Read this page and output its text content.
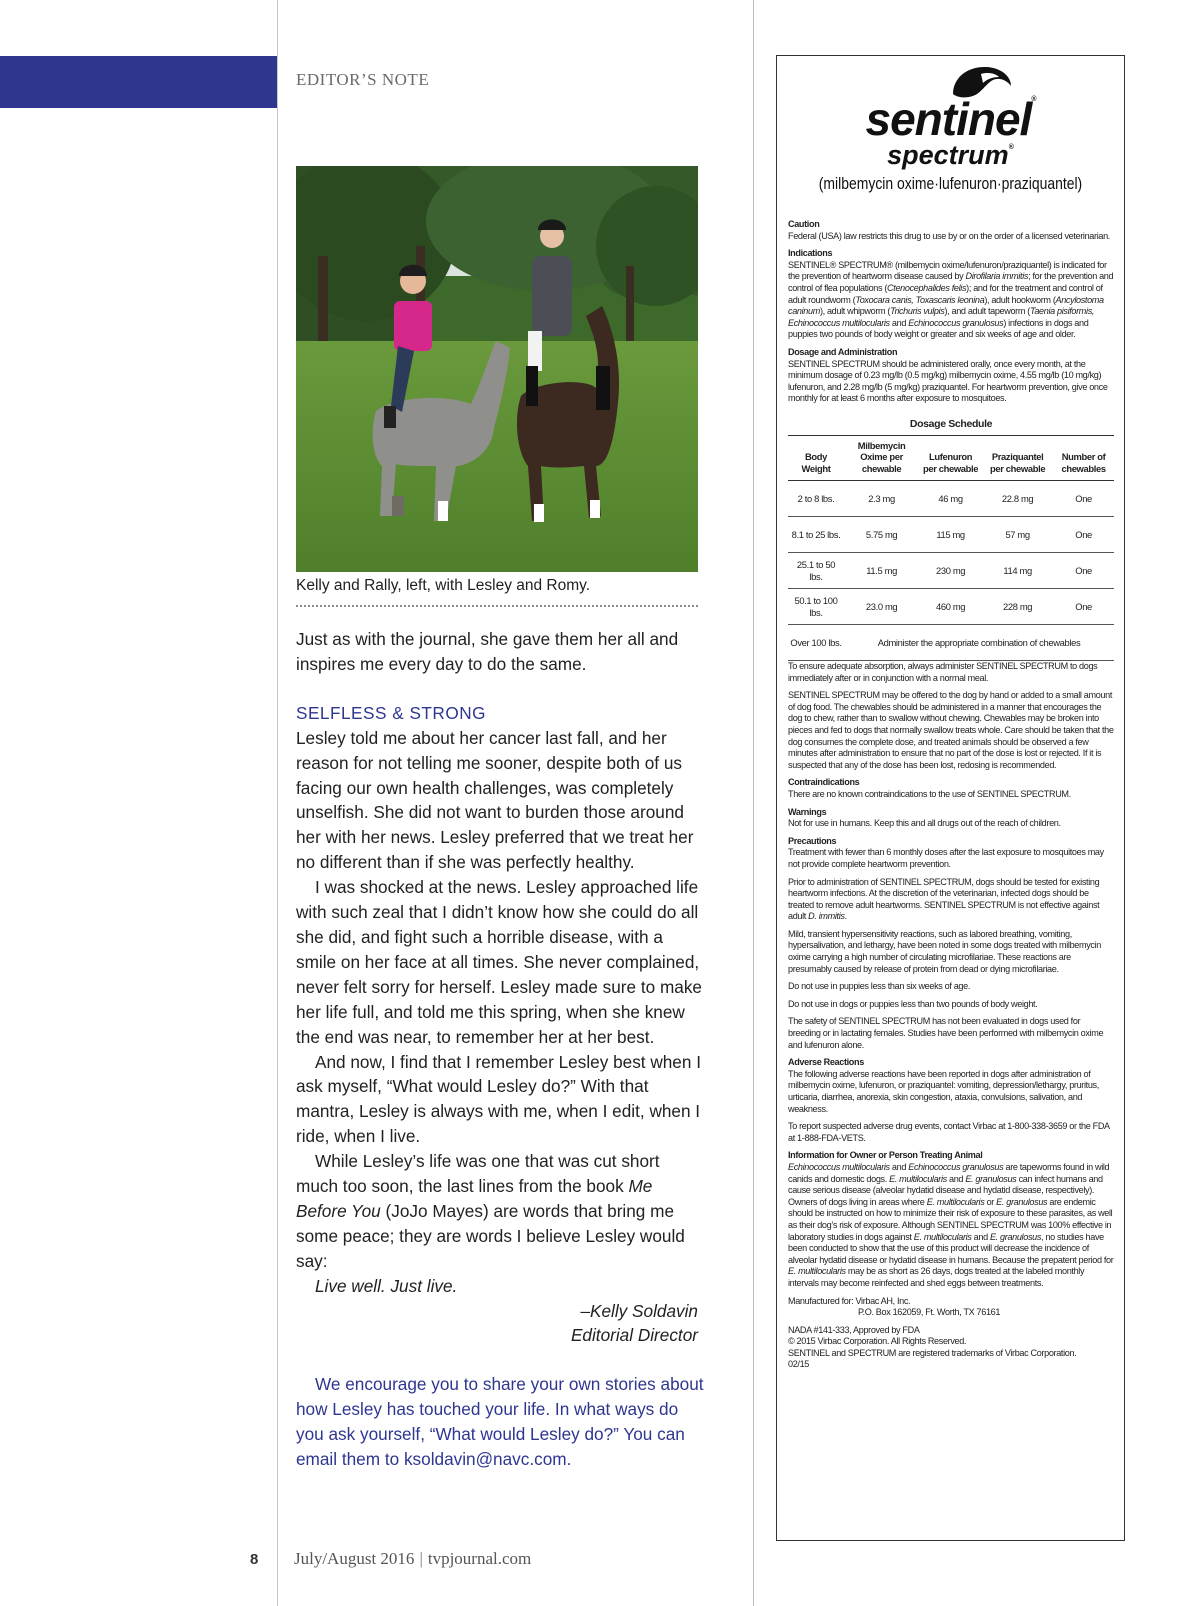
EDITOR’S NOTE
Kelly and Rally, left, with Lesley and Romy.

Just as with the journal, she gave them her all and inspires me every day to do the same.

SELFLESS & STRONG

Lesley told me about her cancer last fall, and her reason for not telling me sooner, despite both of us facing our own health challenges, was completely unselfish. She did not want to burden those around her with her news. Lesley preferred that we treat her no different than if she was perfectly healthy.

I was shocked at the news. Lesley approached life with such zeal that I didn’t know how she could do all she did, and fight such a horrible disease, with a smile on her face at all times. She never complained, never felt sorry for herself. Lesley made sure to make her life full, and told me this spring, when she knew the end was near, to remember her at her best.

And now, I find that I remember Lesley best when I ask myself, “What would Lesley do?” With that mantra, Lesley is always with me, when I edit, when I ride, when I live.

While Lesley’s life was one that was cut short much too soon, the last lines from the book Me Before You (JoJo Mayes) are words that bring me some peace; they are words I believe Lesley would say:

Live well. Just live.

–Kelly Soldavin

Editorial Director

We encourage you to share your own stories about how Lesley has touched your life. In what ways do you ask yourself, “What would Lesley do?” You can email them to ksoldavin@navc.com.

8 July/August 2016 | tvpjournal.com
sentinel®
spectrum®
(milbemycin oxime·lufenuron·praziquantel)
Caution
Federal (USA) law restricts this drug to use by or on the order of a licensed veterinarian.
Indications
SENTINEL® SPECTRUM® (milbemycin oxime/lufenuron/praziquantel) is indicated for the prevention of heartworm disease caused by Dirofilaria immitis; for the prevention and control of flea populations (Ctenocephalides felis); and for the treatment and control of adult roundworm (Toxocara canis, Toxascaris leonina), adult hookworm (Ancylostoma caninum), adult whipworm (Trichuris vulpis), and adult tapeworm (Taenia pisiformis, Echinococcus multilocularis and Echinococcus granulosus) infections in dogs and puppies two pounds of body weight or greater and six weeks of age and older.
Dosage and Administration
SENTINEL SPECTRUM should be administered orally, once every month, at the minimum dosage of 0.23 mg/lb (0.5 mg/kg) milbemycin oxime, 4.55 mg/lb (10 mg/kg) lufenuron, and 2.28 mg/lb (5 mg/kg) praziquantel. For heartworm prevention, give once monthly for at least 6 months after exposure to mosquitoes.
Dosage Schedule
Body Weight	Milbemycin Oxime per chewable	Lufenuron per chewable	Praziquantel per chewable	Number of chewables
2 to 8 lbs.	2.3 mg	46 mg	22.8 mg	One
8.1 to 25 lbs.	5.75 mg	115 mg	57 mg	One
25.1 to 50 lbs.	11.5 mg	230 mg	114 mg	One
50.1 to 100 lbs.	23.0 mg	460 mg	228 mg	One
Over 100 lbs.	Administer the appropriate combination of chewables			
To ensure adequate absorption, always administer SENTINEL SPECTRUM to dogs immediately after or in conjunction with a normal meal.
SENTINEL SPECTRUM may be offered to the dog by hand or added to a small amount of dog food. The chewables should be administered in a manner that encourages the dog to chew, rather than to swallow without chewing. Chewables may be broken into pieces and fed to dogs that normally swallow treats whole. Care should be taken that the dog consumes the complete dose, and treated animals should be observed a few minutes after administration to ensure that no part of the dose is lost or rejected. If it is suspected that any of the dose has been lost, redosing is recommended.
Contraindications
There are no known contraindications to the use of SENTINEL SPECTRUM.
Warnings
Not for use in humans. Keep this and all drugs out of the reach of children.
Precautions
Treatment with fewer than 6 monthly doses after the last exposure to mosquitoes may not provide complete heartworm prevention.
Prior to administration of SENTINEL SPECTRUM, dogs should be tested for existing heartworm infections. At the discretion of the veterinarian, infected dogs should be treated to remove adult heartworms. SENTINEL SPECTRUM is not effective against adult D. immitis.
Mild, transient hypersensitivity reactions, such as labored breathing, vomiting, hypersalivation, and lethargy, have been noted in some dogs treated with milbemycin oxime carrying a high number of circulating microfilariae. These reactions are presumably caused by release of protein from dead or dying microfilariae.
Do not use in puppies less than six weeks of age.
Do not use in dogs or puppies less than two pounds of body weight.
The safety of SENTINEL SPECTRUM has not been evaluated in dogs used for breeding or in lactating females. Studies have been performed with milbemycin oxime and lufenuron alone.
Adverse Reactions
The following adverse reactions have been reported in dogs after administration of milbemycin oxime, lufenuron, or praziquantel: vomiting, depression/lethargy, pruritus, urticaria, diarrhea, anorexia, skin congestion, ataxia, convulsions, salivation, and weakness.
To report suspected adverse drug events, contact Virbac at 1-800-338-3659 or the FDA at 1-888-FDA-VETS.
Information for Owner or Person Treating Animal
Echinococcus multilocularis and Echinococcus granulosus are tapeworms found in wild canids and domestic dogs. E. multilocularis and E. granulosus can infect humans and cause serious disease (alveolar hydatid disease and hydatid disease, respectively). Owners of dogs living in areas where E. multilocularis or E. granulosus are endemic should be instructed on how to minimize their risk of exposure to these parasites, as well as their dog’s risk of exposure. Although SENTINEL SPECTRUM was 100% effective in laboratory studies in dogs against E. multilocularis and E. granulosus, no studies have been conducted to show that the use of this product will decrease the incidence of alveolar hydatid disease or hydatid disease in humans. Because the prepatent period for E. multilocularis may be as short as 26 days, dogs treated at the labeled monthly intervals may become reinfected and shed eggs between treatments.
Manufactured for: Virbac AH, Inc.
P.O. Box 162059, Ft. Worth, TX 76161
NADA #141-333, Approved by FDA
© 2015 Virbac Corporation. All Rights Reserved.
SENTINEL and SPECTRUM are registered trademarks of Virbac Corporation.
02/15
